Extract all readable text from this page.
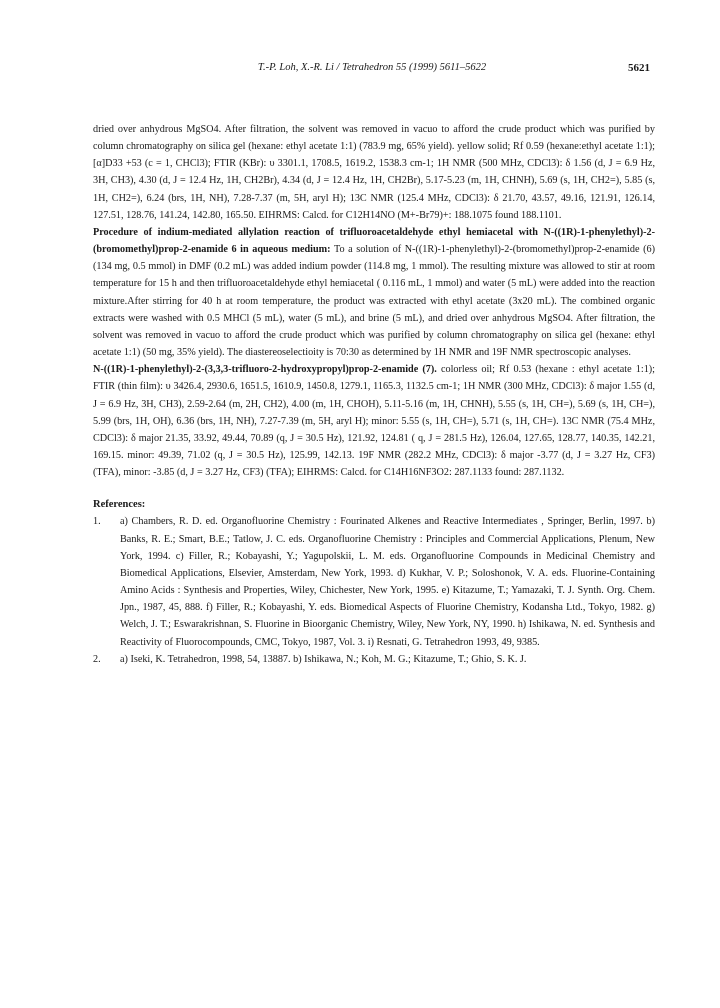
T.-P. Loh, X.-R. Li / Tetrahedron 55 (1999) 5611–5622	5621

dried over anhydrous MgSO4. After filtration, the solvent was removed in vacuo to afford the crude product which was purified by column chromatography on silica gel (hexane: ethyl acetate 1:1) (783.9 mg, 65% yield). yellow solid; Rf 0.59 (hexane:ethyl acetate 1:1); [α]D33 +53 (c = 1, CHCl3); FTIR (KBr): υ 3301.1, 1708.5, 1619.2, 1538.3 cm-1; 1H NMR (500 MHz, CDCl3): δ 1.56 (d, J = 6.9 Hz, 3H, CH3), 4.30 (d, J = 12.4 Hz, 1H, CH2Br), 4.34 (d, J = 12.4 Hz, 1H, CH2Br), 5.17-5.23 (m, 1H, CHNH), 5.69 (s, 1H, CH2=), 5.85 (s, 1H, CH2=), 6.24 (brs, 1H, NH), 7.28-7.37 (m, 5H, aryl H); 13C NMR (125.4 MHz, CDCl3): δ 21.70, 43.57, 49.16, 121.91, 126.14, 127.51, 128.76, 141.24, 142.80, 165.50. EIHRMS: Calcd. for C12H14NO (M+-Br79)+: 188.1075 found 188.1101.

Procedure of indium-mediated allylation reaction of trifluoroacetaldehyde ethyl hemiacetal with N-((1R)-1-phenylethyl)-2-(bromomethyl)prop-2-enamide 6 in aqueous medium: To a solution of N-((1R)-1-phenylethyl)-2-(bromomethyl)prop-2-enamide (6) (134 mg, 0.5 mmol) in DMF (0.2 mL) was added indium powder (114.8 mg, 1 mmol). The resulting mixture was allowed to stir at room temperature for 15 h and then trifluoroacetaldehyde ethyl hemiacetal ( 0.116 mL, 1 mmol) and water (5 mL) were added into the reaction mixture.After stirring for 40 h at room temperature, the product was extracted with ethyl acetate (3x20 mL). The combined organic extracts were washed with 0.5 MHCl (5 mL), water (5 mL), and brine (5 mL), and dried over anhydrous MgSO4. After filtration, the solvent was removed in vacuo to afford the crude product which was purified by column chromatography on silica gel (hexane: ethyl acetate 1:1) (50 mg, 35% yield). The diastereoselectioity is 70:30 as determined by 1H NMR and 19F NMR spectroscopic analyses.

N-((1R)-1-phenylethyl)-2-(3,3,3-trifluoro-2-hydroxypropyl)prop-2-enamide (7). colorless oil; Rf 0.53 (hexane : ethyl acetate 1:1); FTIR (thin film): υ 3426.4, 2930.6, 1651.5, 1610.9, 1450.8, 1279.1, 1165.3, 1132.5 cm-1; 1H NMR (300 MHz, CDCl3): δ major 1.55 (d, J = 6.9 Hz, 3H, CH3), 2.59-2.64 (m, 2H, CH2), 4.00 (m, 1H, CHOH), 5.11-5.16 (m, 1H, CHNH), 5.55 (s, 1H, CH=), 5.69 (s, 1H, CH=), 5.99 (brs, 1H, OH), 6.36 (brs, 1H, NH), 7.27-7.39 (m, 5H, aryl H); minor: 5.55 (s, 1H, CH=), 5.71 (s, 1H, CH=). 13C NMR (75.4 MHz, CDCl3): δ major 21.35, 33.92, 49.44, 70.89 (q, J = 30.5 Hz), 121.92, 124.81 ( q, J = 281.5 Hz), 126.04, 127.65, 128.77, 140.35, 142.21, 169.15. minor: 49.39, 71.02 (q, J = 30.5 Hz), 125.99, 142.13. 19F NMR (282.2 MHz, CDCl3): δ major -3.77 (d, J = 3.27 Hz, CF3) (TFA), minor: -3.85 (d, J = 3.27 Hz, CF3) (TFA); EIHRMS: Calcd. for C14H16NF3O2: 287.1133 found: 287.1132.

References:

1. a) Chambers, R. D. ed. Organofluorine Chemistry : Fourinated Alkenes and Reactive Intermediates , Springer, Berlin, 1997. b) Banks, R. E.; Smart, B.E.; Tatlow, J. C. eds. Organofluorine Chemistry : Principles and Commercial Applications, Plenum, New York, 1994. c) Filler, R.; Kobayashi, Y.; Yagupolskii, L. M. eds. Organofluorine Compounds in Medicinal Chemistry and Biomedical Applications, Elsevier, Amsterdam, New York, 1993. d) Kukhar, V. P.; Soloshonok, V. A. eds. Fluorine-Containing Amino Acids : Synthesis and Properties, Wiley, Chichester, New York, 1995. e) Kitazume, T.; Yamazaki, T. J. Synth. Org. Chem. Jpn., 1987, 45, 888. f) Filler, R.; Kobayashi, Y. eds. Biomedical Aspects of Fluorine Chemistry, Kodansha Ltd., Tokyo, 1982. g) Welch, J. T.; Eswarakrishnan, S. Fluorine in Bioorganic Chemistry, Wiley, New York, NY, 1990. h) Ishikawa, N. ed. Synthesis and Reactivity of Fluorocompounds, CMC, Tokyo, 1987, Vol. 3. i) Resnati, G. Tetrahedron 1993, 49, 9385.
2. a) Iseki, K. Tetrahedron, 1998, 54, 13887. b) Ishikawa, N.; Koh, M. G.; Kitazume, T.; Ghio, S. K. J.
